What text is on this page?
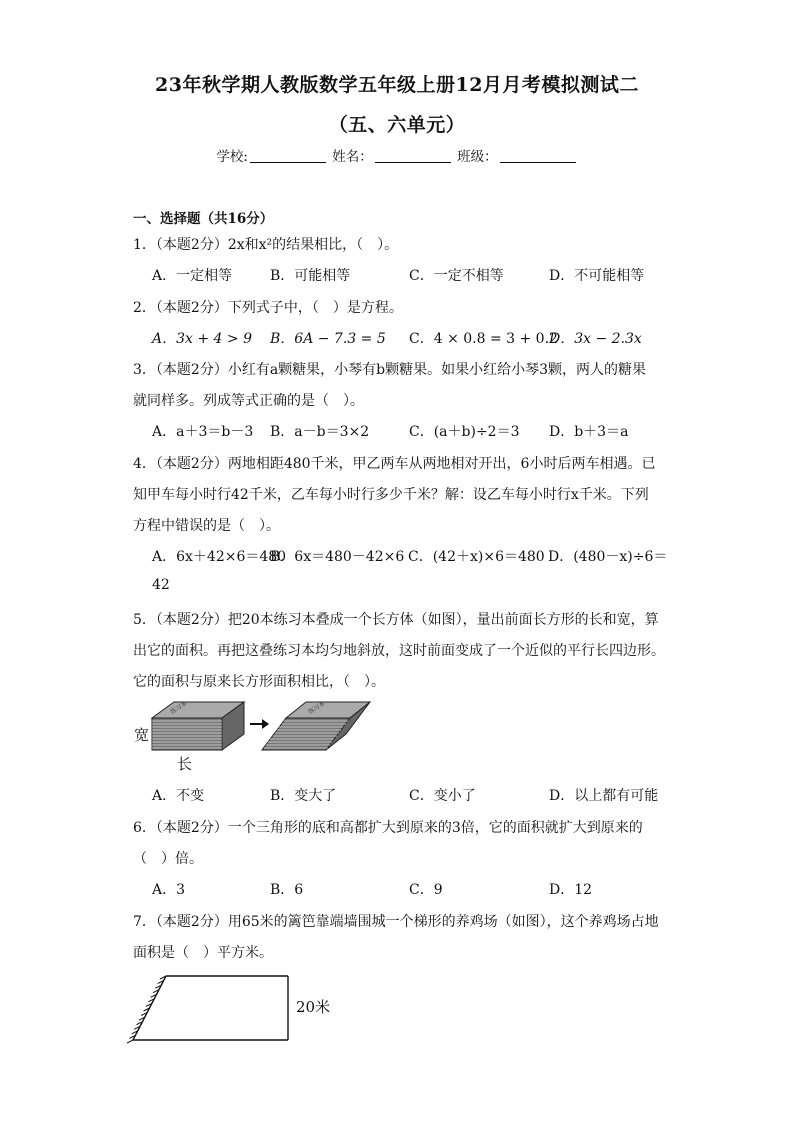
23年秋学期人教版数学五年级上册12月月考模拟测试二
（五、六单元）
学校:	姓名：	班级：
一、选择题（共16分）
1．（本题2分）2x和x²的结果相比，（　）。
A．一定相等	B．可能相等	C．一定不相等	D．不可能相等
2．（本题2分）下列式子中，（　）是方程。
A．3x + 4 > 9 B．6A − 7.3 = 5 C．4 × 0.8 = 3 + 0.2
D．3x − 2.3x
3．（本题2分）小红有a颗糖果，小琴有b颗糖果。如果小红给小琴3颗，两人的糖果
就同样多。列成等式正确的是（　）。
A．a＋3＝b－3 B．a－b＝3×2	C．(a＋b)÷2＝3 D．b＋3＝a
4．（本题2分）两地相距480千米，甲乙两车从两地相对开出，6小时后两车相遇。已
知甲车每小时行42千米，乙车每小时行多少千米？解：设乙车每小时行x千米。下列
方程中错误的是（　）。
A．6x＋42×6＝480
B．6x＝480－42×6 C．(42＋x)×6＝480 D．(480－x)÷6＝
42
5．（本题2分）把20本练习本叠成一个长方体（如图），量出前面长方形的长和宽，算
出它的面积。再把这叠练习本均匀地斜放，这时前面变成了一个近似的平行长四边形。
它的面积与原来长方形面积相比，（　）。
宽
长
练习本	练习本
A．不变	B．变大了	C．变小了	D．以上都有可能
6．（本题2分）一个三角形的底和高都扩大到原来的3倍，它的面积就扩大到原来的
（　）倍。
A．3	B．6	C．9	D．12
7．（本题2分）用65米的篱笆靠端墙围城一个梯形的养鸡场（如图），这个养鸡场占地
面积是（　）平方米。
20米
